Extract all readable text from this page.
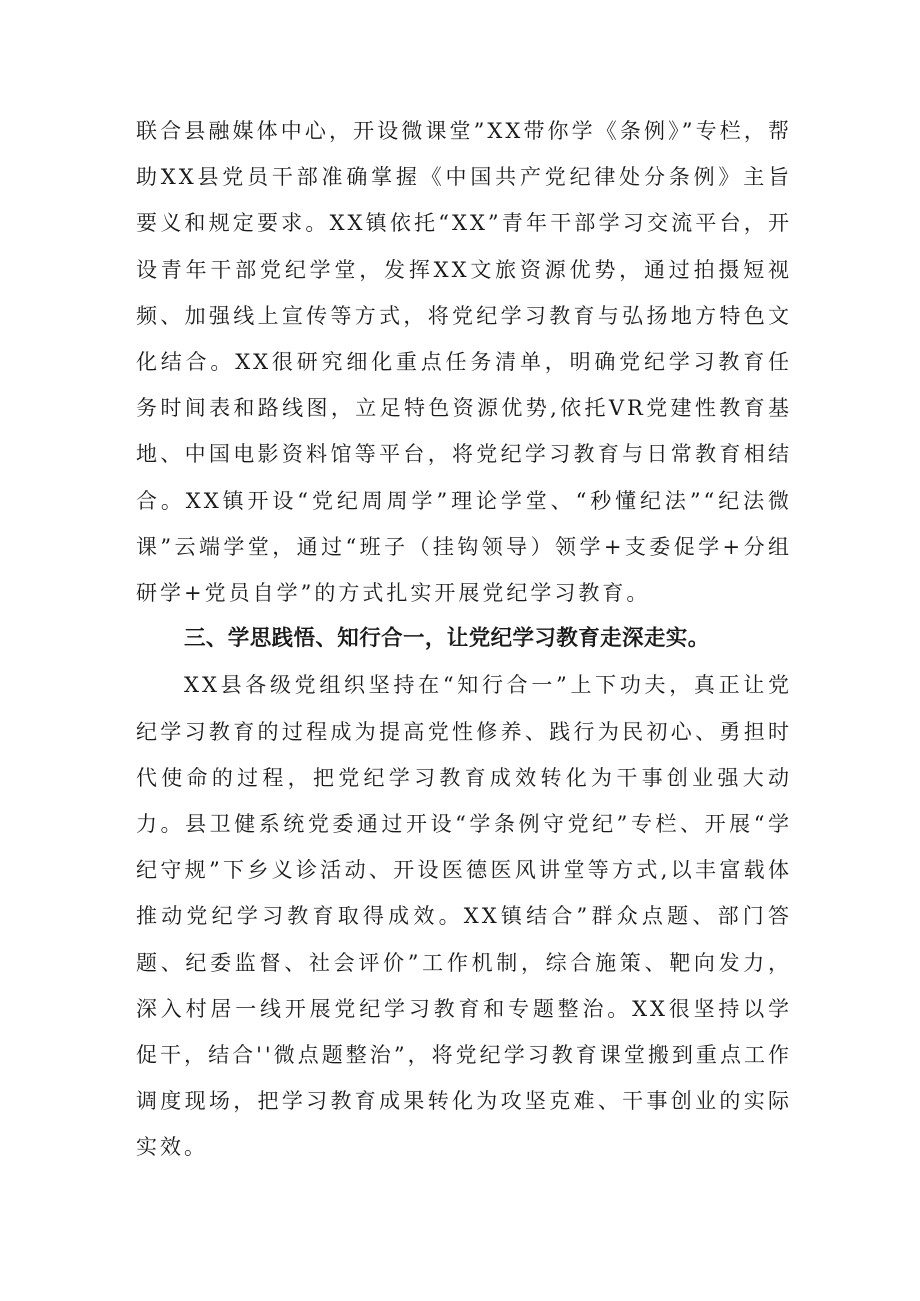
联合县融媒体中心，开设微课堂”XX带你学《条例》”专栏，帮助XX县党员干部准确掌握《中国共产党纪律处分条例》主旨要义和规定要求。XX镇依托“XX”青年干部学习交流平台，开设青年干部党纪学堂，发挥XX文旅资源优势，通过拍摄短视频、加强线上宣传等方式，将党纪学习教育与弘扬地方特色文化结合。XX很研究细化重点任务清单，明确党纪学习教育任务时间表和路线图，立足特色资源优势,依托VR党建性教育基地、中国电影资料馆等平台，将党纪学习教育与日常教育相结合。XX镇开设“党纪周周学”理论学堂、“秒懂纪法”“纪法微课”云端学堂，通过“班子（挂钩领导）领学+支委促学+分组研学+党员自学”的方式扎实开展党纪学习教育。

三、学思践悟、知行合一，让党纪学习教育走深走实。

XX县各级党组织坚持在“知行合一”上下功夫，真正让党纪学习教育的过程成为提高党性修养、践行为民初心、勇担时代使命的过程，把党纪学习教育成效转化为干事创业强大动力。县卫健系统党委通过开设“学条例守党纪”专栏、开展“学纪守规”下乡义诊活动、开设医德医风讲堂等方式,以丰富载体推动党纪学习教育取得成效。XX镇结合”群众点题、部门答题、纪委监督、社会评价”工作机制，综合施策、靶向发力，深入村居一线开展党纪学习教育和专题整治。XX很坚持以学促干，结合''微点题整治”，将党纪学习教育课堂搬到重点工作调度现场，把学习教育成果转化为攻坚克难、干事创业的实际实效。
